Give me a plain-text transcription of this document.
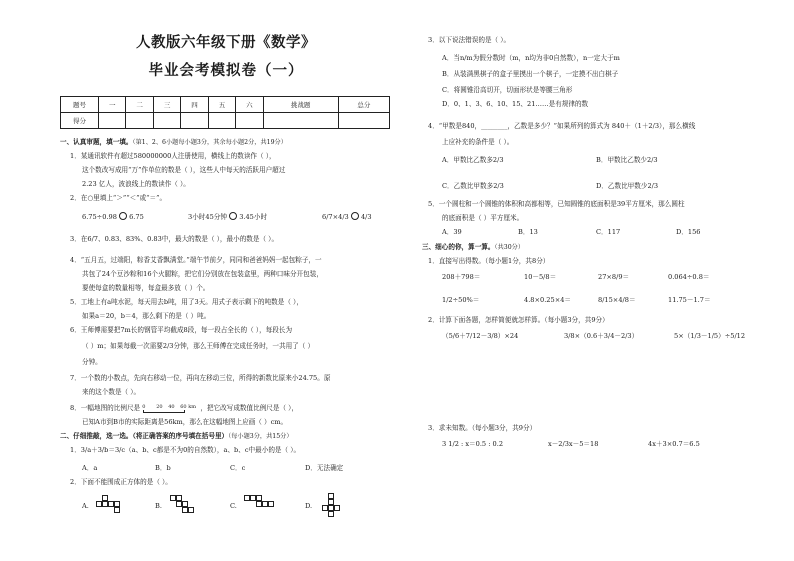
人教版六年级下册《数学》
毕业会考模拟卷（一）
题号	一	二	三	四	五	六	挑战题	总分
得分								
一、认真审题，填一填。（第1、2、6小题每小题3分，其余每小题2分，共19分）
1．某通讯软件有超过580000000人注册使用，横线上的数读作（ ），
这个数改写成用“万”作单位的数是（ ），这些人中每天的活跃用户超过
2.23 亿人，波浪线上的数读作（ ）。
2．在○里填上“＞”“＜”或“＝”。
6.75÷0.98 6.75	3小时45分钟 3.45小时	6/7×4/3 4/3
3．在6/7、0.83、83%、0.83中，最大的数是（ ），最小的数是（ ）。
4．“五月五，过端阳，粽香艾香飘满堂。”端午节前夕，同同和爸爸妈妈一起包粽子，一
共包了24个豆沙粽和16个火腿粽，把它们分别放在包装盒里，两种口味分开包装，
要使每盒的数量相等，每盒最多放（ ）个。
5．工地上有a吨水泥，每天用去b吨，用了3天。用式子表示剩下的吨数是（ ），
如果a＝20，b＝4，那么剩下的是（ ）吨。
6．王师傅需要把7m长的钢管平均截成8段，每一段占全长的（ ），每段长为
（ ）m；如果每截一次需要2/3分钟，那么王师傅在完成任务时，一共用了（ ）
分钟。
7．一个数的小数点，先向右移动一位，再向左移动三位，所得的新数比原来小24.75。原
来的这个数是（ ）。
8．一幅地图的比例尺是 0 20 40 60 km ，把它改写成数值比例尺是（ ），
已知A市到B市的实际距离是56km，那么在这幅地图上应画（ ）cm。
二、仔细推敲，选一选。（将正确答案的序号填在括号里）（每小题3分，共15分）
1．3/a＋3/b＝3/c（a、b、c都是不为0的自然数），a、b、c中最小的是（ ）。
A．a	B．b	C．c	D．无法确定
2．下面不能围成正方体的是（ ）。
A.	B.	C.	D.
3．以下说法错误的是（ ）。
A．当n/m为假分数时（m，n均为非0自然数），n一定大于m
B．从装满黑棋子的盒子里摸出一个棋子，一定摸不出白棋子
C．将圆锥沿高切开，切面形状是等腰三角形
D．0、1、3、6、10、15、21……是有规律的数
4．“甲数是840，________，乙数是多少？”如果所列的算式为 840＋（1＋2/3），那么横线
上应补充的条件是（ ）。
A．甲数比乙数多2/3	B．甲数比乙数少2/3
C．乙数比甲数多2/3	D．乙数比甲数少2/3
5．一个圆柱和一个圆锥的体积和高都相等，已知圆锥的底面积是39平方厘米，那么圆柱
的底面积是（ ）平方厘米。
A．39	B．13	C．117	D．156
三、细心的你，算一算。（共30分）
1．直接写出得数。（每小题1分，共8分）
208＋798＝	10－5/8＝	27×8/9＝	0.064÷0.8＝
1/2÷50%＝	4.8×0.25×4＝	8/15×4/8＝	11.75－1.7＝
2．计算下面各题，怎样简便就怎样算。（每小题3分，共9分）
（5/6＋7/12－3/8）×24	3/8×（0.6＋3/4－2/3）	5×（1/3－1/5）÷5/12
3．求未知数。（每小题3分，共9分）
3 1/2 : x＝0.5 : 0.2	x－2/3x－5＝18	4x＋3×0.7＝6.5
